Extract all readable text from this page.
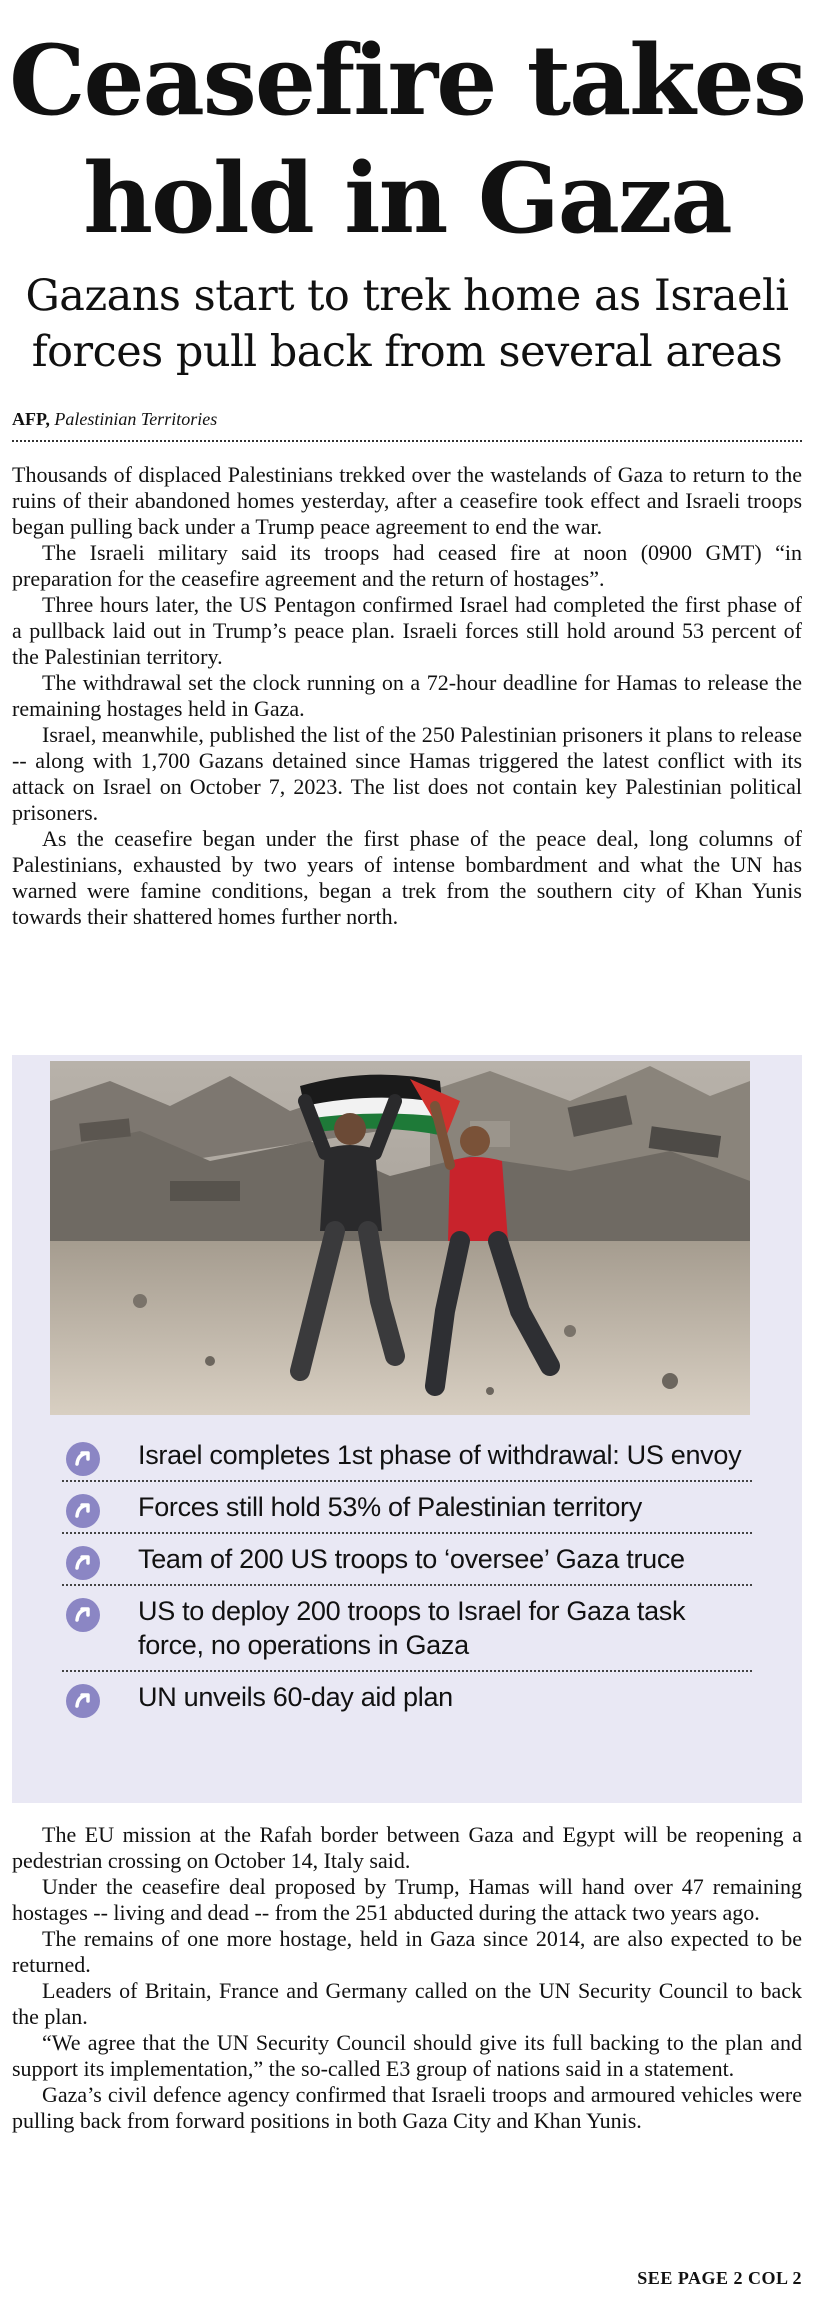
Ceasefire takes
hold in Gaza
Gazans start to trek home as Israeli
forces pull back from several areas
AFP, Palestinian Territories

Thousands of displaced Palestinians trekked over the wastelands of Gaza to return to the ruins of their abandoned homes yesterday, after a ceasefire took effect and Israeli troops began pulling back under a Trump peace agreement to end the war.

The Israeli military said its troops had ceased fire at noon (0900 GMT) “in preparation for the ceasefire agreement and the return of hostages”.

Three hours later, the US Pentagon confirmed Israel had completed the first phase of a pullback laid out in Trump’s peace plan. Israeli forces still hold around 53 percent of the Palestinian territory.

The withdrawal set the clock running on a 72-hour deadline for Hamas to release the remaining hostages held in Gaza.

Israel, meanwhile, published the list of the 250 Palestinian prisoners it plans to release -- along with 1,700 Gazans detained since Hamas triggered the latest conflict with its attack on Israel on October 7, 2023. The list does not contain key Palestinian political prisoners.

As the ceasefire began under the first phase of the peace deal, long columns of Palestinians, exhausted by two years of intense bombardment and what the UN has warned were famine conditions, began a trek from the southern city of Khan Yunis towards their shattered homes further north.

Israel completes 1st phase of withdrawal: US envoy
Forces still hold 53% of Palestinian territory
Team of 200 US troops to ‘oversee’ Gaza truce
US to deploy 200 troops to Israel for Gaza task force, no operations in Gaza
UN unveils 60-day aid plan

The EU mission at the Rafah border between Gaza and Egypt will be reopening a pedestrian crossing on October 14, Italy said.

Under the ceasefire deal proposed by Trump, Hamas will hand over 47 remaining hostages -- living and dead -- from the 251 abducted during the attack two years ago.

The remains of one more hostage, held in Gaza since 2014, are also expected to be returned.

Leaders of Britain, France and Germany called on the UN Security Council to back the plan.

“We agree that the UN Security Council should give its full backing to the plan and support its implementation,” the so-called E3 group of nations said in a statement.

Gaza’s civil defence agency confirmed that Israeli troops and armoured vehicles were pulling back from forward positions in both Gaza City and Khan Yunis.

SEE PAGE 2 COL 2
